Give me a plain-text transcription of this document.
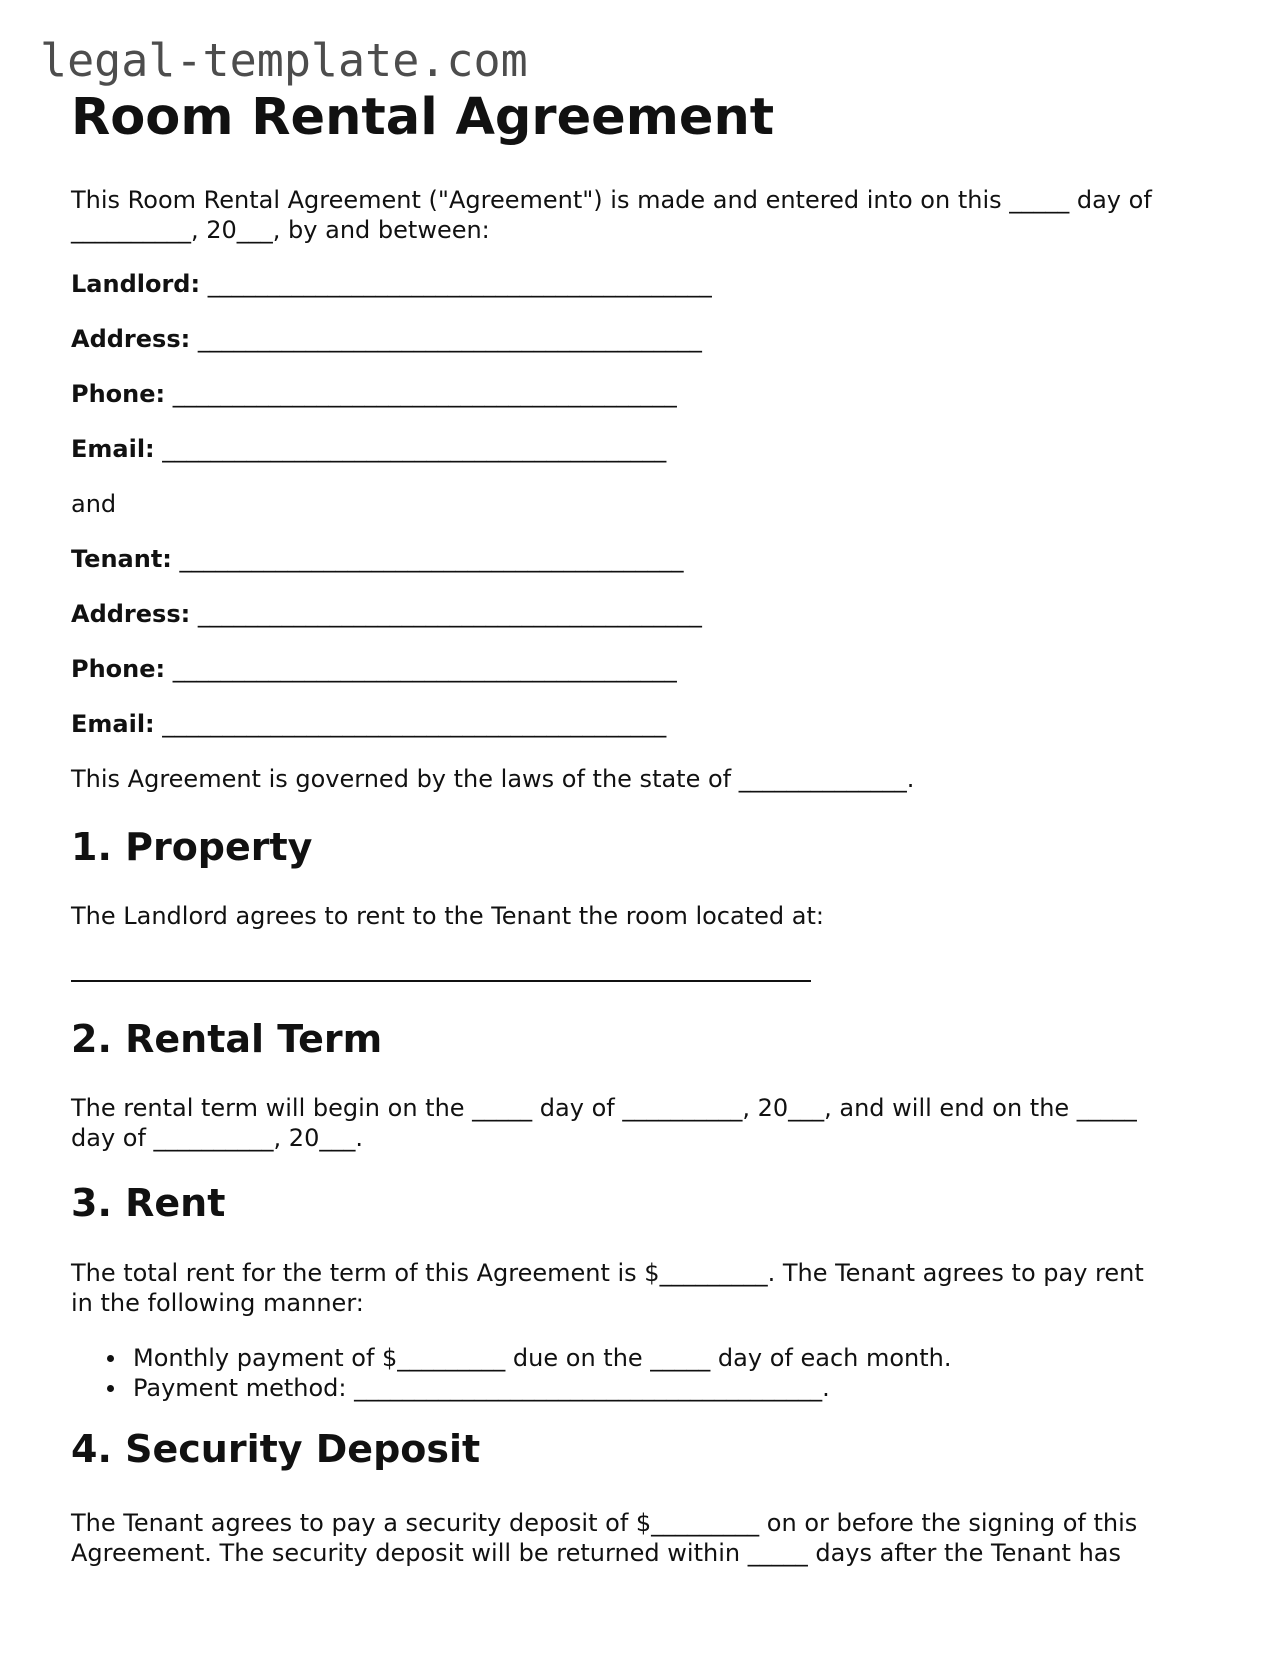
legal-template.com
Room Rental Agreement

This Room Rental Agreement ("Agreement") is made and entered into on this _____ day of

__________, 20___, by and between:

Landlord: __________________________________________

Address: __________________________________________

Phone: __________________________________________

Email: __________________________________________

and

Tenant: __________________________________________

Address: __________________________________________

Phone: __________________________________________

Email: __________________________________________

This Agreement is governed by the laws of the state of ______________.

1. Property

The Landlord agrees to rent to the Tenant the room located at:

2. Rental Term

The rental term will begin on the _____ day of __________, 20___, and will end on the _____

day of __________, 20___.

3. Rent

The total rent for the term of this Agreement is $_________. The Tenant agrees to pay rent

in the following manner:

Monthly payment of $_________ due on the _____ day of each month.
Payment method: _______________________________________.
4. Security Deposit

The Tenant agrees to pay a security deposit of $_________ on or before the signing of this

Agreement. The security deposit will be returned within _____ days after the Tenant has
